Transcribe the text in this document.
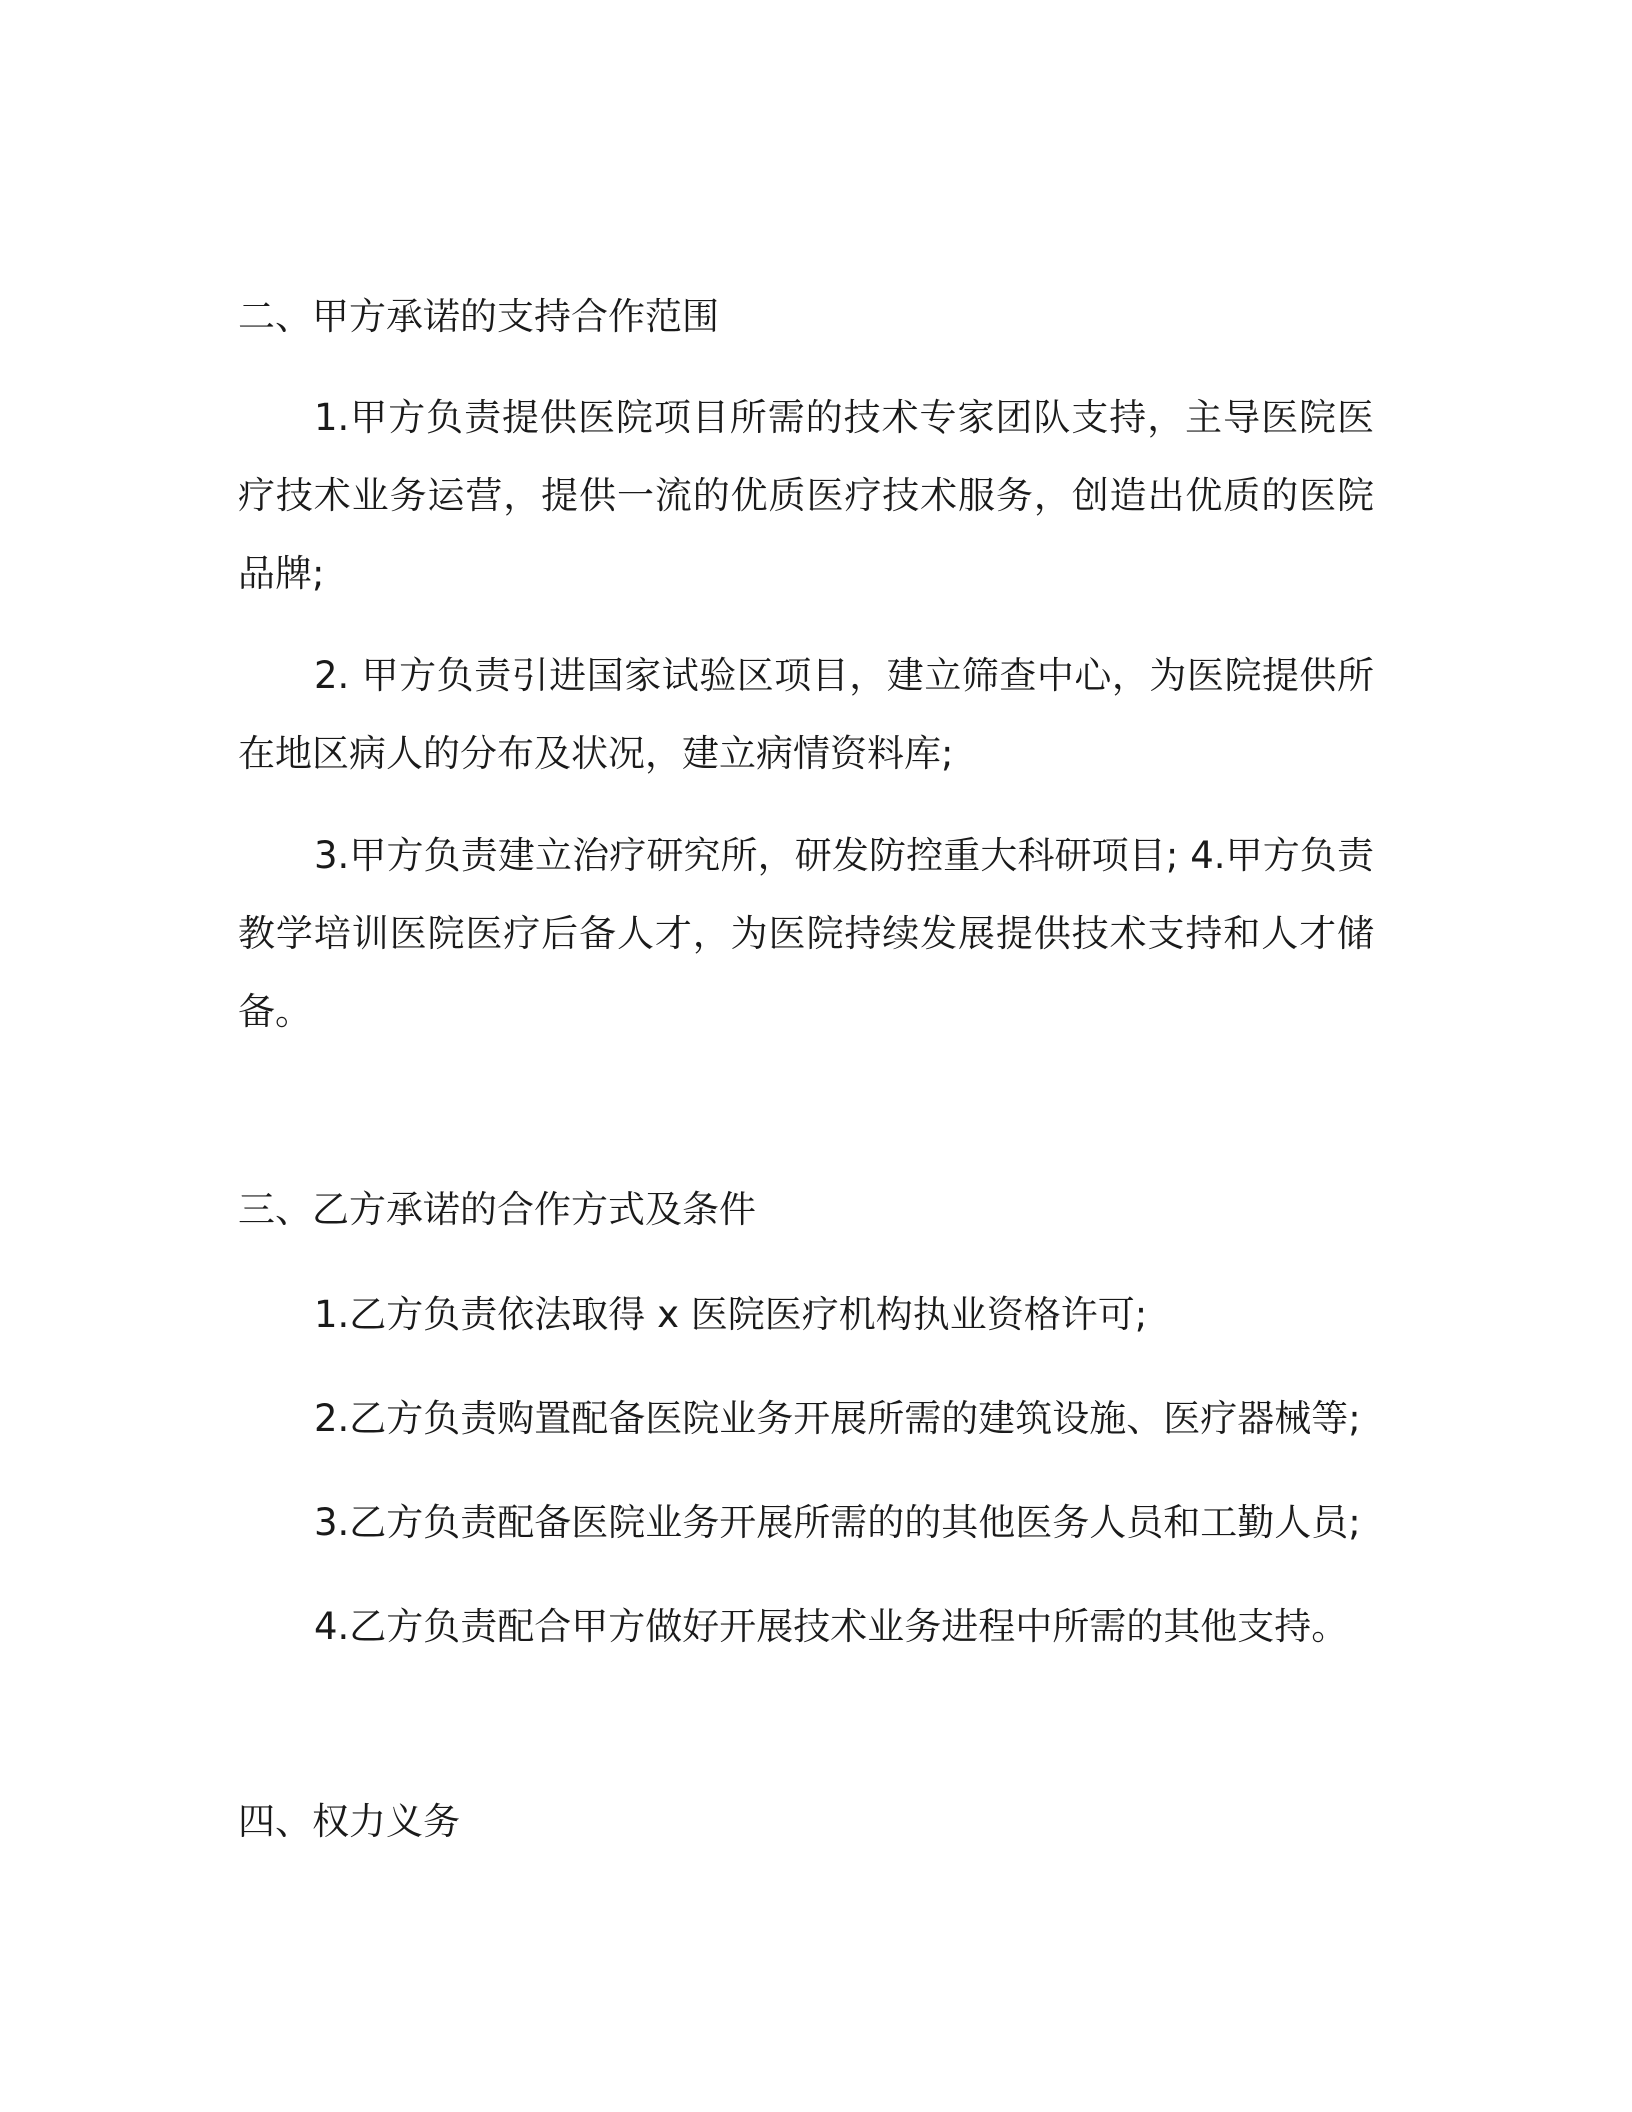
二、甲方承诺的支持合作范围

1.甲方负责提供医院项目所需的技术专家团队支持，主导医院医疗技术业务运营，提供一流的优质医疗技术服务，创造出优质的医院品牌;

2. 甲方负责引进国家试验区项目，建立筛查中心，为医院提供所在地区病人的分布及状况，建立病情资料库;

3.甲方负责建立治疗研究所，研发防控重大科研项目; 4.甲方负责教学培训医院医疗后备人才，为医院持续发展提供技术支持和人才储备。

三、乙方承诺的合作方式及条件

1.乙方负责依法取得 x 医院医疗机构执业资格许可;

2.乙方负责购置配备医院业务开展所需的建筑设施、医疗器械等;

3.乙方负责配备医院业务开展所需的的其他医务人员和工勤人员;

4.乙方负责配合甲方做好开展技术业务进程中所需的其他支持。

四、权力义务
